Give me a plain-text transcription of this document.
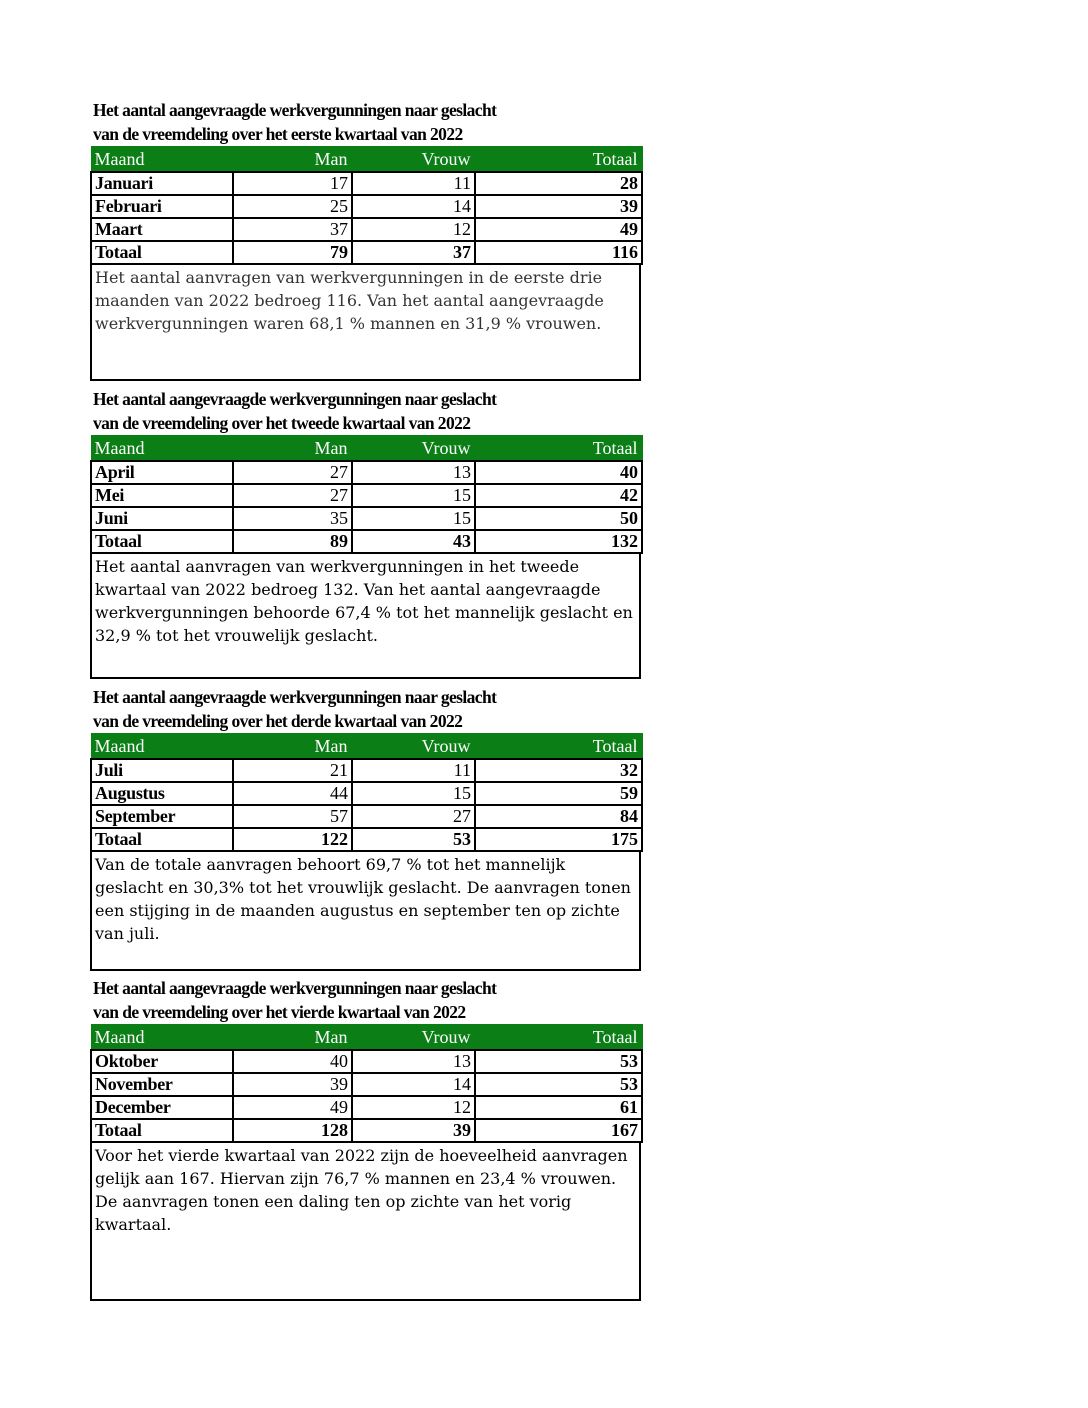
Het aantal aangevraagde werkvergunningen naar geslacht
van de vreemdeling over het eerste kwartaal van 2022
Maand	Man	Vrouw	Totaal
Januari	17	11	28
Februari	25	14	39
Maart	37	12	49
Totaal	79	37	116
Het aantal aanvragen van werkvergunningen in de eerste drie maanden van 2022 bedroeg 116. Van het aantal aangevraagde werkvergunningen waren 68,1 % mannen en 31,9 % vrouwen.
Het aantal aangevraagde werkvergunningen naar geslacht
van de vreemdeling over het tweede kwartaal van 2022
Maand	Man	Vrouw	Totaal
April	27	13	40
Mei	27	15	42
Juni	35	15	50
Totaal	89	43	132
Het aantal aanvragen van werkvergunningen in het tweede kwartaal van 2022 bedroeg 132. Van het aantal aangevraagde werkvergunningen behoorde 67,4 % tot het mannelijk geslacht en 32,9 % tot het vrouwelijk geslacht.
Het aantal aangevraagde werkvergunningen naar geslacht
van de vreemdeling over het derde kwartaal van 2022
Maand	Man	Vrouw	Totaal
Juli	21	11	32
Augustus	44	15	59
September	57	27	84
Totaal	122	53	175
Van de totale aanvragen behoort 69,7 % tot het mannelijk geslacht en 30,3% tot het vrouwlijk geslacht. De aanvragen tonen een stijging in de maanden augustus en september ten op zichte van juli.
Het aantal aangevraagde werkvergunningen naar geslacht
van de vreemdeling over het vierde kwartaal van 2022
Maand	Man	Vrouw	Totaal
Oktober	40	13	53
November	39	14	53
December	49	12	61
Totaal	128	39	167
Voor het vierde kwartaal van 2022 zijn de hoeveelheid aanvragen gelijk aan 167. Hiervan zijn 76,7 % mannen en 23,4 % vrouwen. De aanvragen tonen een daling ten op zichte van het vorig kwartaal.
